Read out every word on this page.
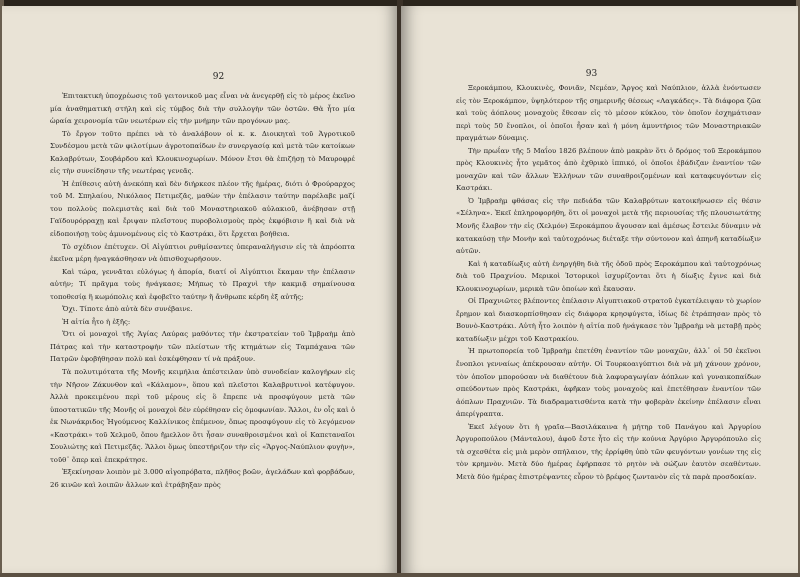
92

Ἐπιτακτικὴ ὑποχρέωσις τοῦ γειτονικοῦ μας εἶναι νὰ ἀνεγερθῇ εἰς τὸ μέρος ἐκεῖνο μία ἀναθηματικὴ στήλη καὶ εἰς τύμβος διὰ τὴν συλλογὴν τῶν ὀστῶν. Θὰ ἦτο μία ὡραία χειρονομία τῶν νεωτέρων εἰς τὴν μνήμην τῶν προγόνων μας.

Τὸ ἔργον τοῦτο πρέπει νὰ τὸ ἀναλάβουν οἱ κ. κ. Διοικηταὶ τοῦ Ἀγροτικοῦ Συνδέσμου μετὰ τῶν φιλοτίμων ἀγροτοπαίδων ἐν συνεργασίᾳ καὶ μετὰ τῶν κατοίκων Καλαβρύτων, Σουβάρδου καὶ Κλουκινοχωρίων. Μόνον ἔτσι θὰ ἐπιζήσῃ τὸ Μαυροφρέ εἰς τὴν συνείδησιν τῆς νεωτέρας γενεᾶς.

Ἡ ἐπίθεσις αὐτὴ ἀνεκόπη καὶ δὲν διήρκεσε πλέον τῆς ἡμέρας, διότι ὁ Φρούραρχος τοῦ Μ. Σπηλαίου, Νικόλαος Πετιμεζᾶς, μαθὼν τὴν ἐπέλασιν ταύτην παρέλαβε μαζί του πολλοὺς πολεμιστὰς καὶ διὰ τοῦ Μοναστηριακοῦ αὐλακιοῦ, ἀνέβησαν στῇ Γαϊδουρόρραχῃ καὶ ἔριψαν πλεῖστους πυροβολισμοὺς πρὸς ἐκφόβισιν ἢ καὶ διὰ νὰ εἰδοποιήσῃ τοὺς ἀμυνομένους εἰς τὸ Καστράκι, ὅτι ἔρχεται βοήθεια.

Τὸ σχέδιον ἐπέτυχεν. Οἱ Αἰγύπτιοι ρυθμίσαντες ὑπεραναλήγισιν εἰς τὰ ἀπρόοπτα ἐκεῖνα μέρη ἠναγκάσθησαν νὰ ὀπισθοχωρήσουν.

Καὶ τώρα, γεννᾶται εὐλόγως ἡ ἀπορία, διατί οἱ Αἰγύπτιοι ἔκαμαν τὴν ἐπέλασιν αὐτήν; Τί πρᾶγμα τοὺς ἠνάγκασε; Μήπως τὸ Πραχνὶ τὴν κακμιᾷ σημαίνουσα τοποθεσίᾳ ἢ κωμόπολις καὶ ἐφοβεῖτο ταύτην ἢ ἄνθρωπε κέρδη ἐξ αὐτῆς;

Ὄχι. Τίποτε ἀπὸ αὐτὰ δὲν συνέβαινε.

Ἡ αἰτία ἦτο ἡ ἑξῆς:

Ὅτι οἱ μοναχοὶ τῆς Ἁγίας Λαύρας μαθόντες τὴν ἐκστρατείαν τοῦ Ἰμβραὴμ ἀπὸ Πάτρας καὶ τὴν καταστροφὴν τῶν πλείστων τῆς κτημάτων εἰς Ταμπάχανα τῶν Πατρῶν ἐφοβήθησαν πολὺ καὶ ἐσκέφθησαν τί νὰ πράξουν.

Τὰ πολυτιμότατα τῆς Μονῆς κειμήλια ἀπέστειλαν ὑπὸ συνοδείαν καλογήρων εἰς τὴν Νῆσον Ζάκυνθον καὶ «Κάλαμον», ὅπου καὶ πλεῖστοι Καλαβρυτινοὶ κατέφυγον. Ἀλλὰ προκειμένου περὶ τοῦ μέρους εἰς ὃ ἔπρεπε νὰ προσφύγουν μετὰ τῶν ὑποστατικῶν τῆς Μονῆς οἱ μοναχοὶ δὲν εὑρέθησαν εἰς ὁμοφωνίαν. Ἄλλοι, ἐν οἷς καὶ ὁ ἐκ Νωνάκριδος Ἡγούμενος Καλλίνικος ἐπέμενον, ὅπως προσφύγουν εἰς τὸ λεγόμενον «Καστράκι» τοῦ Χελμοῦ, ὅπου ἤμελλον ὅτι ἦσαν συναθροισμένοι καὶ οἱ Καπεταναῖοι Σουλιώτης καὶ Πετιμεζᾶς. Ἄλλοι ὅμως ὑπεστήριζον τὴν εἰς «Ἄργος-Ναύπλιον φυγὴν», τοῦθ᾽ ὅπερ καὶ ἐπεκράτησε.

Ἐξεκίνησαν λοιπὸν μὲ 3.000 αἰγοπρόβατα, πλῆθος βοῶν, ἀγελάδων καὶ φορβάδων, 26 κινῶν καὶ λοιπῶν ἄλλων καὶ ἐτράβηξαν πρὸς

93

Ξεροκάμπου, Κλουκινὲς, Φονιᾶν, Νεμέαν, Ἄργος καὶ Ναύπλιον, ἀλλὰ ἐνόντωσεν εἰς τὸν Ξεροκάμπον, ὑψηλότερον τῆς σημερινῆς θέσεως «Λαγκάδες». Τὰ διάφορα ζῶα καὶ τοὺς ἀόπλους μοναχοὺς ἔθεσαν εἰς τὸ μέσον κύκλου, τὸν ὁποῖον ἐσχημάτισαν περὶ τοὺς 50 ἔνοπλοι, οἱ ὁποῖοι ἦσαν καὶ ἡ μόνη ἀμυντήριος τῶν Μοναστηριακῶν πραγμάτων δύναμις.

Τὴν πρωΐαν τῆς 5 Μαΐου 1826 βλέπουν ἀπὸ μακρὰν ὅτι ὁ δρόμος τοῦ Ξεροκάμπου πρὸς Κλουκινὲς ἦτο γεμᾶτος ἀπὸ ἐχθρικὸ ἱππικό, οἱ ὁποῖοι ἐβάδιζαν ἐναντίον τῶν μοναχῶν καὶ τῶν ἄλλων Ἑλλήνων τῶν συναθροιζομένων καὶ καταφευγόντων εἰς Καστράκι.

Ὁ Ἰμβραὴμ φθάσας εἰς τὴν πεδιάδα τῶν Καλαβρύτων κατοικήνωσεν εἰς θέσιν «Σέληνα». Ἐκεῖ ἐπληροφορήθη, ὅτι οἱ μοναχοὶ μετὰ τῆς περιουσίας τῆς πλουσιωτάτης Μονῆς ἔλαβον τὴν εἰς (Χελμόν) Ξεροκάμπου ἄγουσαν καὶ ἀμέσως ἔστειλε δύναμιν νὰ κατακαύσῃ τὴν Μονὴν καὶ ταὐτοχρόνως διέταξε τὴν σύντονον καὶ ἀπηνῆ καταδίωξιν αὐτῶν.

Καὶ ἡ καταδίωξις αὐτὴ ἐνηργήθη διὰ τῆς ὁδοῦ πρὸς Ξεροκάμπου καὶ ταὐτοχρόνως διὰ τοῦ Πραχνίου. Μερικοὶ Ἱστορικοὶ ἰσχυρίζονται ὅτι ἡ δίωξις ἔγινε καὶ διὰ Κλουκινοχωρίων, μερικὰ τῶν ὁποίων καὶ ἔκαυσαν.

Οἱ Πραχνιῶτες βλέποντες ἐπέλασιν Αἰγυπτιακοῦ στρατοῦ ἐγκατέλειψαν τὸ χωρίον ἔρημον καὶ διασκορπίσθησαν εἰς διάφορα κρησφύγετα, ἰδίως δὲ ἐτράπησαν πρὸς τὸ Βουνὸ-Καστράκι. Αὐτὴ ἦτο λοιπὸν ἡ αἰτία ποῦ ἠνάγκασε τὸν Ἰμβραὴμ νὰ μεταβῇ πρὸς καταδίωξιν μέχρι τοῦ Καστρακίου.

Ἡ πρωτοπορεία τοῦ Ἰμβραὴμ ἐπετέθη ἐναντίον τῶν μοναχῶν, ἀλλ᾽ οἱ 50 ἐκεῖνοι ἔνοπλοι γενναίως ἀπέκρουσαν αὐτήν. Οἱ Τουρκοαιγύπτιοι διὰ νὰ μὴ χάνουν χρόνον, τὸν ὁποῖον μπορούσαν νὰ διαθέτουν διὰ λαφυραγωγίαν ἀόπλων καὶ γυναικοπαίδων σπεύδοντων πρὸς Καστράκι, ἀφῆκαν τοὺς μοναχοὺς καὶ ἐπετέθησαν ἐναντίον τῶν ἀόπλων Πραχνιῶν. Τὰ διαδραματισθέντα κατὰ τὴν φοβερὰν ἐκείνην ἐπέλασιν εἶναι ἀπερίγραπτα.

Ἐκεῖ λέγουν ὅτι ἡ γραῖα—Βασιλάκαινα ἡ μήτηρ τοῦ Πανάγου καὶ Ἀργυρίου Ἀργυροπούλου (Μάνταλου), ἀφοῦ ἔστε ἦτο εἰς τὴν κούνια Ἀργύριο Ἀργυρόπουλο εἰς τὰ σχεσθέτα εἰς μιὰ μερὸν σπήλαιον, τὴς ἐρρίφθη ὑπὸ τῶν φευγόντων γονέων της εἰς τὸν κρημνὸν. Μετὰ δύο ἡμέρας ἐφήρπασε τὸ ρητὸν νὰ σώζων ἑαυτὸν σεαθέντων. Μετὰ δύο ἡμέρας ἐπιστρέψαντες εὗρον τὸ βρέφος ζωντανὸν εἰς τὰ παρὰ προσδοκίαν.
